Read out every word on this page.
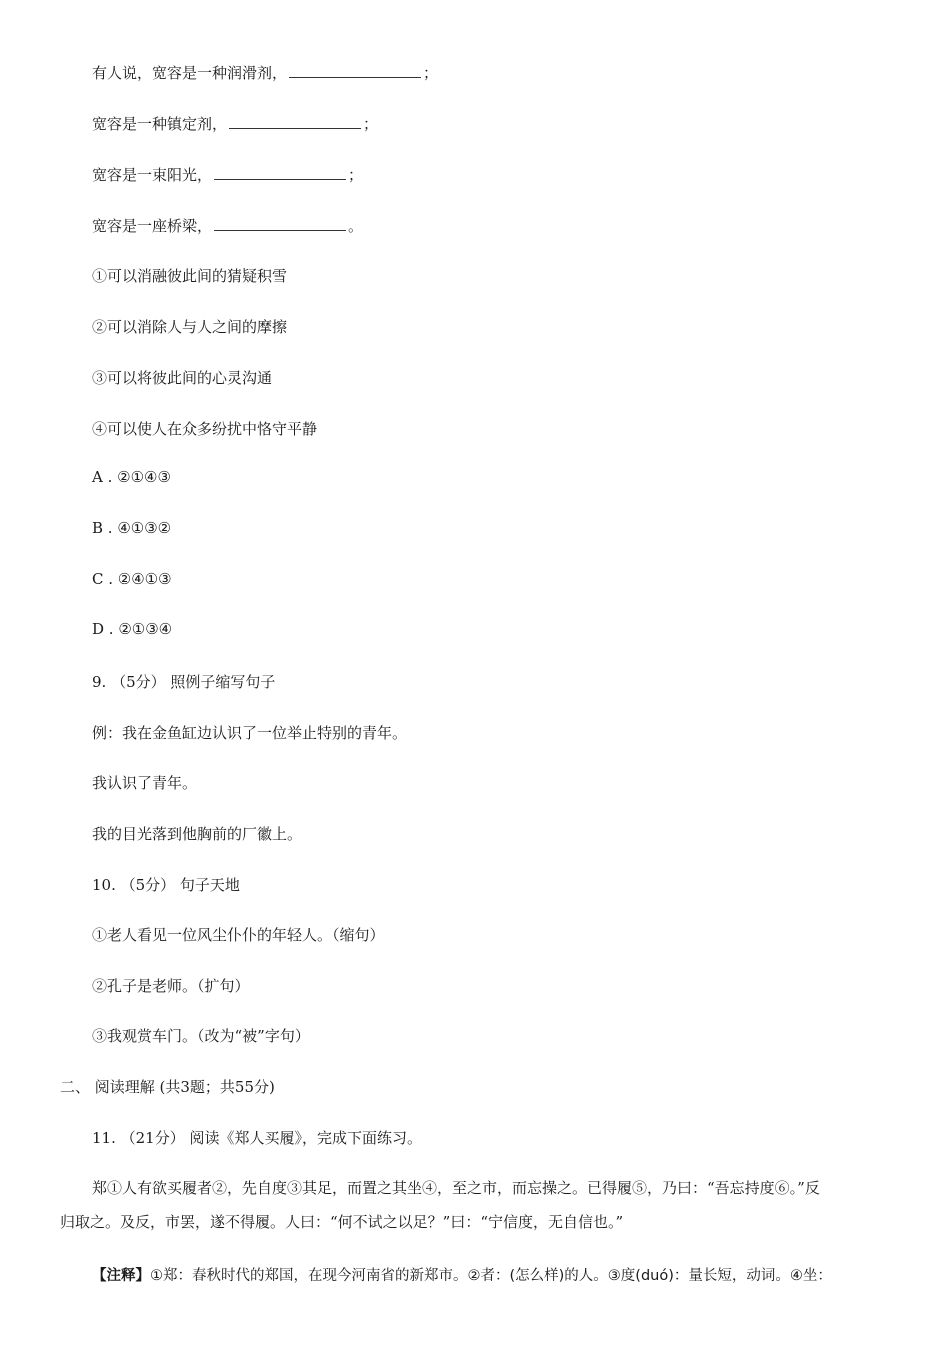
有人说，宽容是一种润滑剂，	；
宽容是一种镇定剂，	；
宽容是一束阳光，	；
宽容是一座桥梁，	。
①可以消融彼此间的猜疑积雪
②可以消除人与人之间的摩擦
③可以将彼此间的心灵沟通
④可以使人在众多纷扰中恪守平静
A . ②①④③
B . ④①③②
C . ②④①③
D . ②①③④
9. （5分） 照例子缩写句子
例：我在金鱼缸边认识了一位举止特别的青年。
我认识了青年。
我的目光落到他胸前的厂徽上。
10. （5分） 句子天地
①老人看见一位风尘仆仆的年轻人。（缩句）
②孔子是老师。（扩句）
③我观赏车门。（改为“被”字句）
二、 阅读理解 (共3题；共55分)
11. （21分） 阅读《郑人买履》，完成下面练习。
郑①人有欲买履者②，先自度③其足，而置之其坐④，至之市，而忘操之。已得履⑤，乃曰：“吾忘持度⑥。”反
归取之。及反，市罢，遂不得履。人曰：“何不试之以足？”曰：“宁信度，无自信也。”
【注释】①郑：春秋时代的郑国，在现今河南省的新郑市。②者：(怎么样)的人。③度(duó)：量长短，动词。④坐：
